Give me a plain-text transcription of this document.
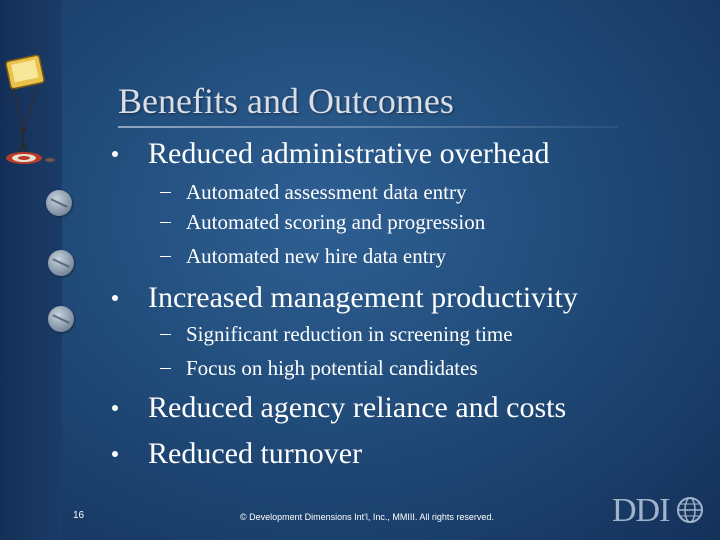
Benefits and Outcomes
Reduced administrative overhead
Automated assessment data entry
Automated scoring and progression
Automated new hire data entry
Increased management productivity
Significant reduction in screening time
Focus on high potential candidates
Reduced agency reliance and costs
Reduced turnover
16	© Development Dimensions Int'l, Inc., MMIII. All rights reserved.	DDI
